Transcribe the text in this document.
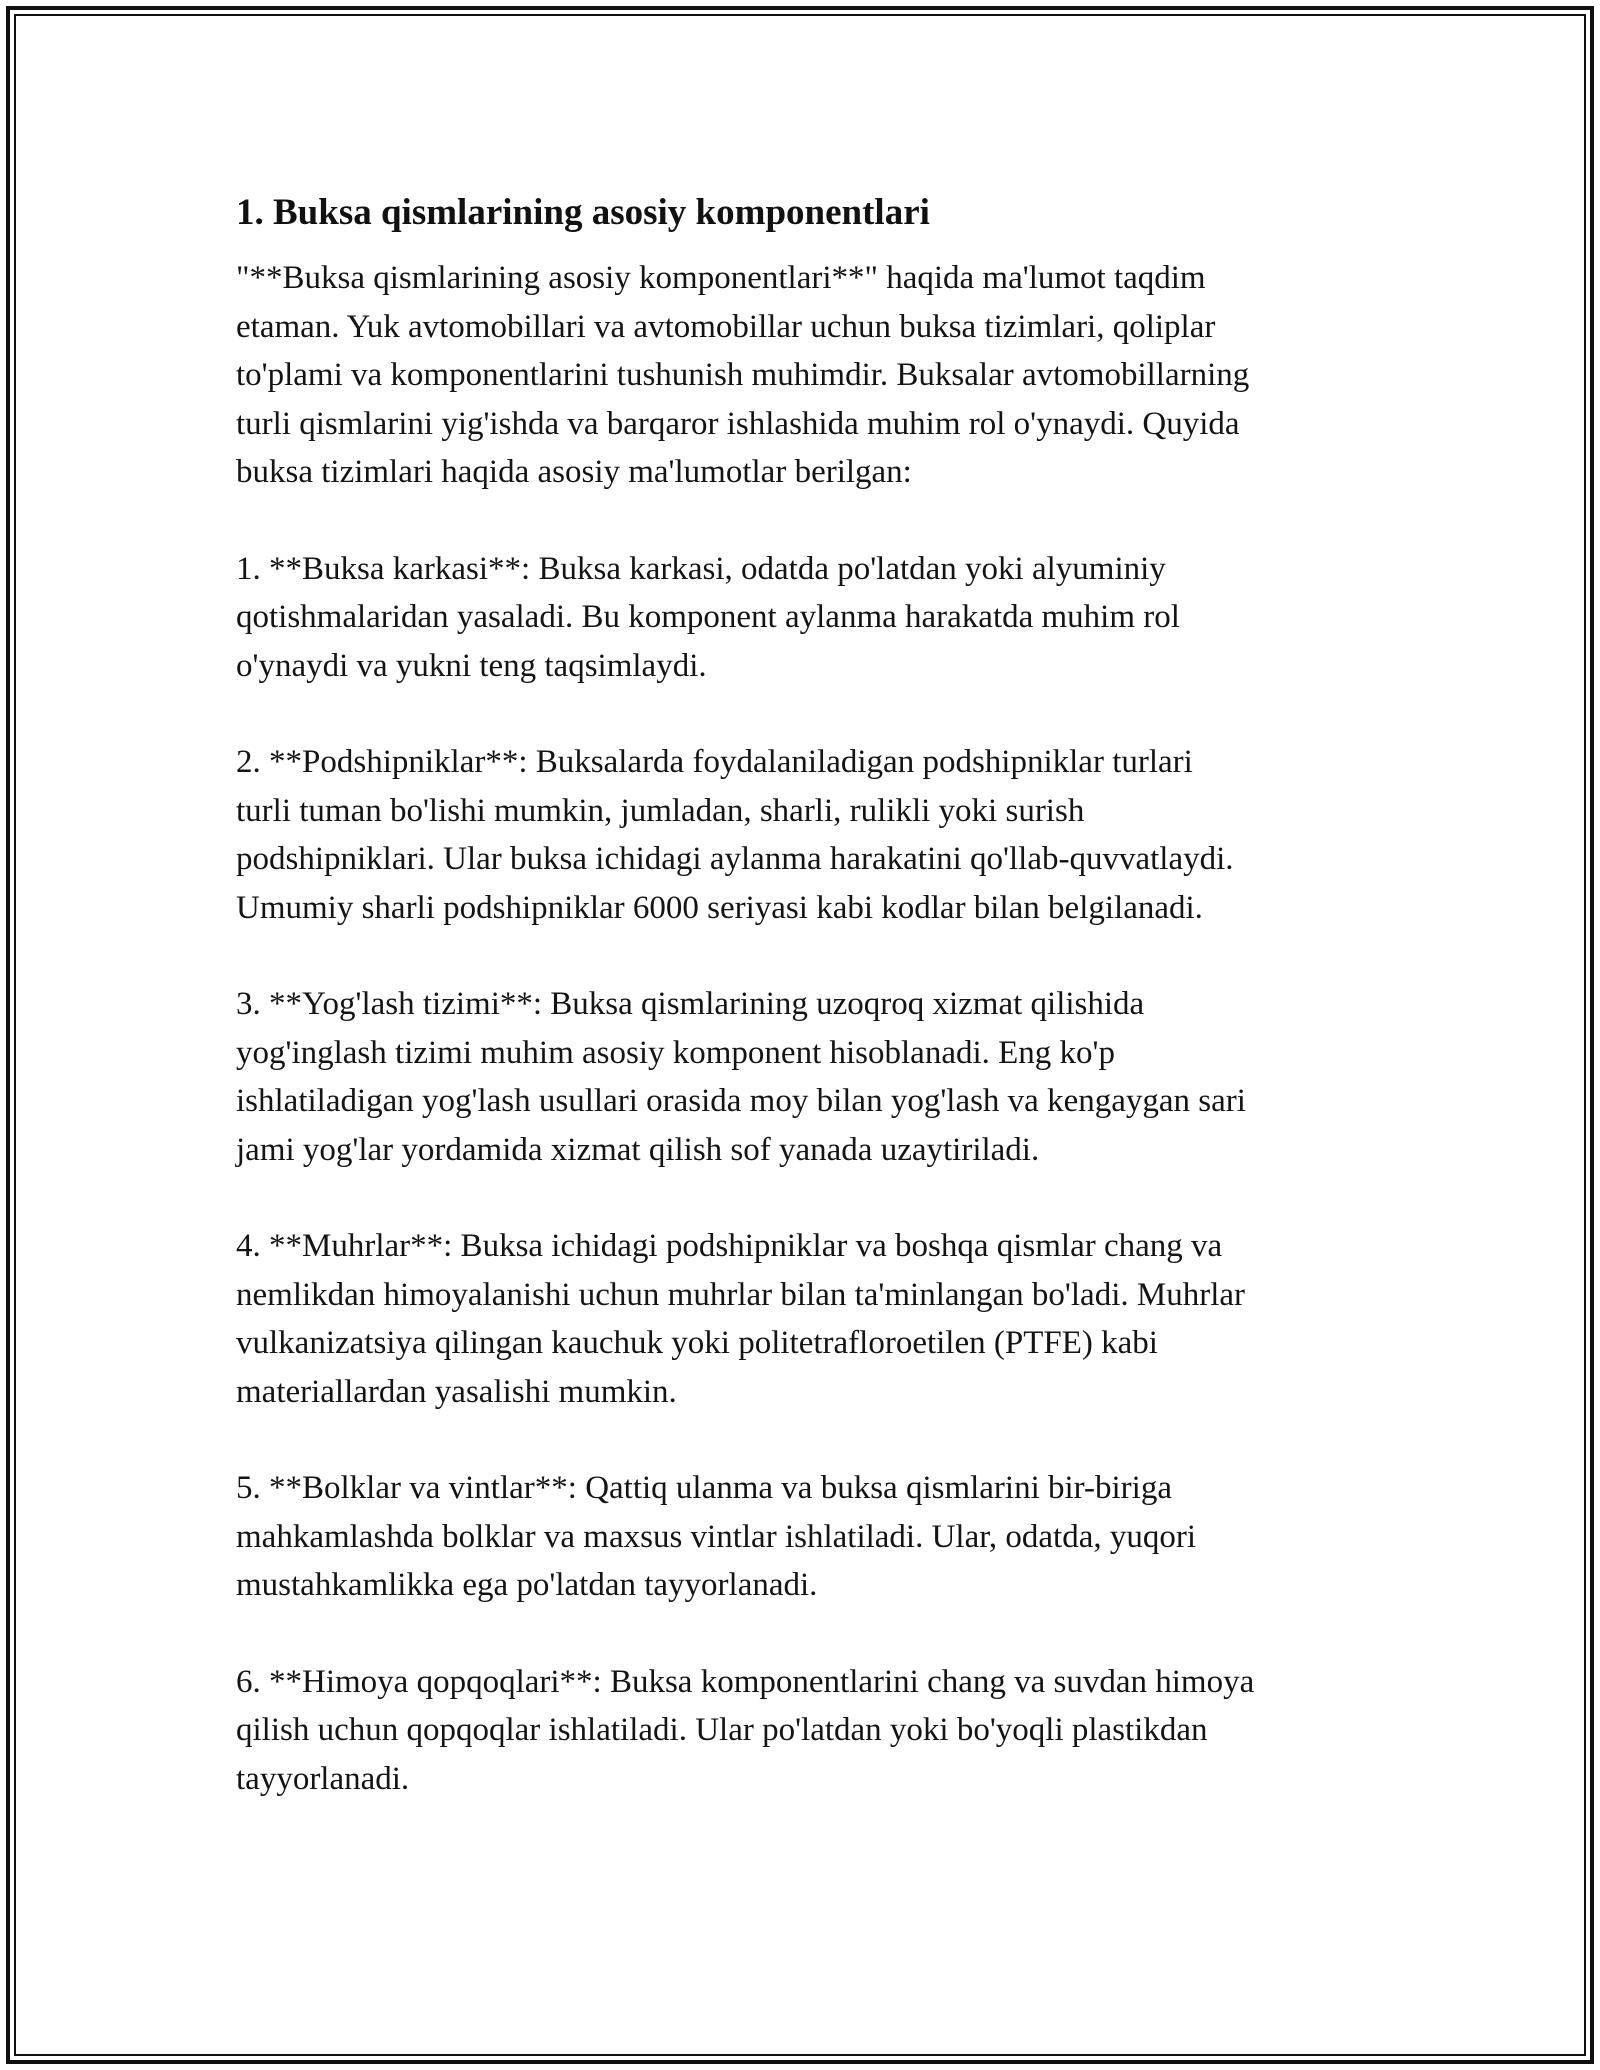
1. Buksa qismlarining asosiy komponentlari

"**Buksa qismlarining asosiy komponentlari**" haqida ma'lumot taqdim
etaman. Yuk avtomobillari va avtomobillar uchun buksa tizimlari, qoliplar
to'plami va komponentlarini tushunish muhimdir. Buksalar avtomobillarning
turli qismlarini yig'ishda va barqaror ishlashida muhim rol o'ynaydi. Quyida
buksa tizimlari haqida asosiy ma'lumotlar berilgan:

1. **Buksa karkasi**: Buksa karkasi, odatda po'latdan yoki alyuminiy
qotishmalaridan yasaladi. Bu komponent aylanma harakatda muhim rol
o'ynaydi va yukni teng taqsimlaydi.

2. **Podshipniklar**: Buksalarda foydalaniladigan podshipniklar turlari
turli tuman bo'lishi mumkin, jumladan, sharli, rulikli yoki surish
podshipniklari. Ular buksa ichidagi aylanma harakatini qo'llab-quvvatlaydi.
Umumiy sharli podshipniklar 6000 seriyasi kabi kodlar bilan belgilanadi.

3. **Yog'lash tizimi**: Buksa qismlarining uzoqroq xizmat qilishida
yog'inglash tizimi muhim asosiy komponent hisoblanadi. Eng ko'p
ishlatiladigan yog'lash usullari orasida moy bilan yog'lash va kengaygan sari
jami yog'lar yordamida xizmat qilish sof yanada uzaytiriladi.

4. **Muhrlar**: Buksa ichidagi podshipniklar va boshqa qismlar chang va
nemlikdan himoyalanishi uchun muhrlar bilan ta'minlangan bo'ladi. Muhrlar
vulkanizatsiya qilingan kauchuk yoki politetrafloroetilen (PTFE) kabi
materiallardan yasalishi mumkin.

5. **Bolklar va vintlar**: Qattiq ulanma va buksa qismlarini bir-biriga
mahkamlashda bolklar va maxsus vintlar ishlatiladi. Ular, odatda, yuqori
mustahkamlikka ega po'latdan tayyorlanadi.

6. **Himoya qopqoqlari**: Buksa komponentlarini chang va suvdan himoya
qilish uchun qopqoqlar ishlatiladi. Ular po'latdan yoki bo'yoqli plastikdan
tayyorlanadi.
